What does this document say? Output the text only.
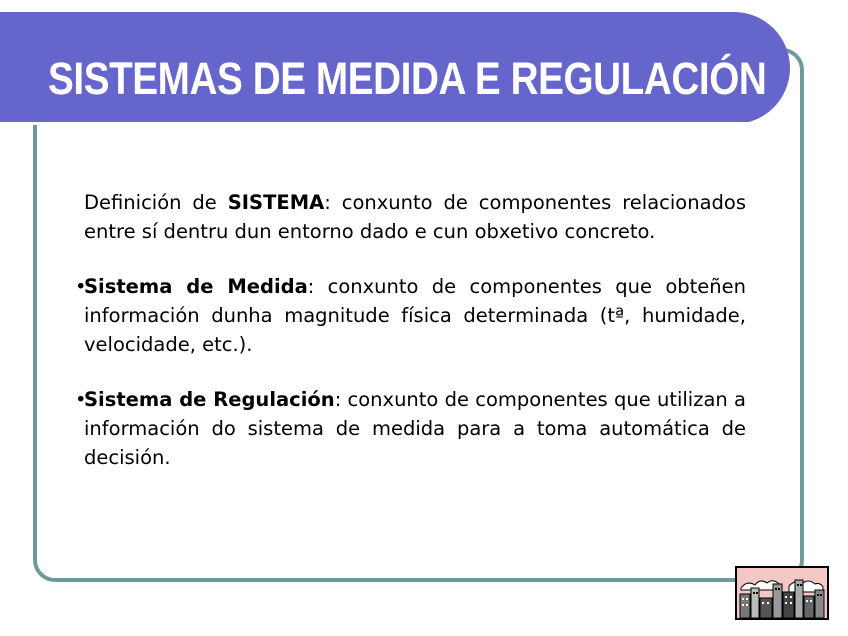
SISTEMAS DE MEDIDA E REGULACIÓN

Definición de SISTEMA: conxunto de componentes relacionados entre sí dentru dun entorno dado e cun obxetivo concreto.

•
Sistema de Medida: conxunto de componentes que obteñen información dunha magnitude física determinada (tª, humidade, velocidade, etc.).

•
Sistema de Regulación: conxunto de componentes que utilizan a información do sistema de medida para a toma automática de decisión.
